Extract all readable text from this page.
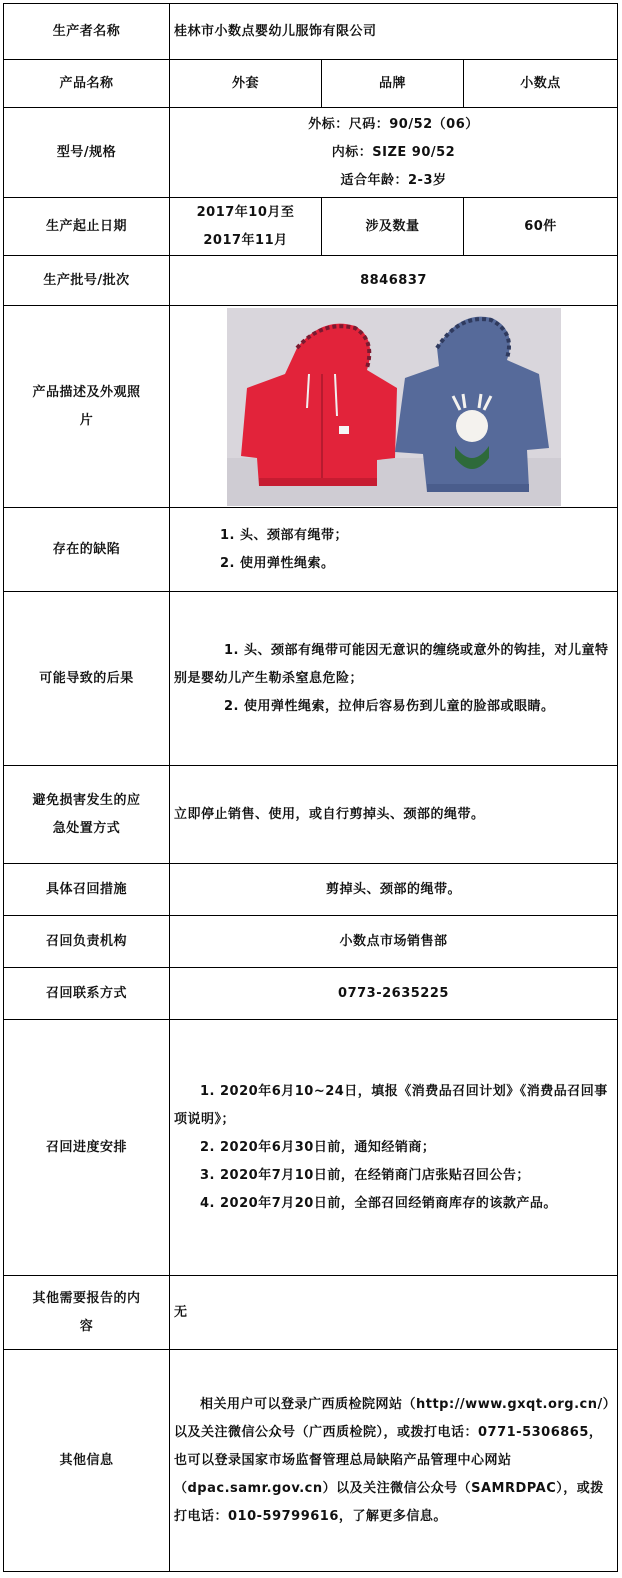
生产者名称	桂林市小数点婴幼儿服饰有限公司		
产品名称	外套	品牌	小数点
型号/规格	外标：尺码：90/52（06）
内标：SIZE 90/52
适合年龄：2-3岁		

生产起止日期	2017年10月至
2017年11月	涉及数量	60件
生产批号/批次	8846837		

产品描述及外观照
片

存在的缺陷	1. 头、颈部有绳带；
2. 使用弹性绳索。		

可能导致的后果	1. 头、颈部有绳带可能因无意识的缠绕或意外的钩挂，对儿童特别是婴幼儿产生勒杀窒息危险；

2. 使用弹性绳索，拉伸后容易伤到儿童的脸部或眼睛。		

避免损害发生的应
急处置方式	立即停止销售、使用，或自行剪掉头、颈部的绳带。		
具体召回措施	剪掉头、颈部的绳带。		
召回负责机构	小数点市场销售部		
召回联系方式	0773-2635225		
召回进度安排	1. 2020年6月10~24日，填报《消费品召回计划》《消费品召回事项说明》；

2. 2020年6月30日前，通知经销商；

3. 2020年7月10日前，在经销商门店张贴召回公告；

4. 2020年7月20日前，全部召回经销商库存的该款产品。		

其他需要报告的内
容	无		
其他信息	相关用户可以登录广西质检院网站（http://www.gxqt.org.cn/）以及关注微信公众号（广西质检院），或拨打电话：0771-5306865，也可以登录国家市场监督管理总局缺陷产品管理中心网站（dpac.samr.gov.cn）以及关注微信公众号（SAMRDPAC），或拨打电话：010-59799616，了解更多信息。		
